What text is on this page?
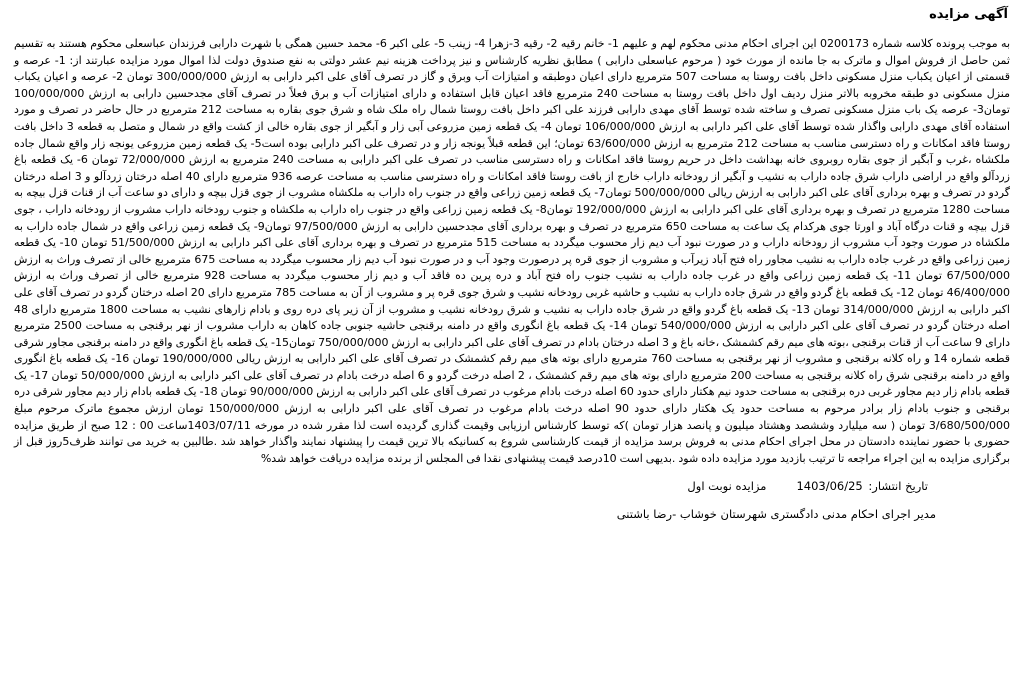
آگهی مزایده

به موجب پرونده کلاسه شماره 0200173 این اجرای احکام مدنی محکوم لهم و علیهم 1- خانم رقیه 2- رقیه 3-زهرا 4- زینب 5- علی اکبر 6- محمد حسین همگی با شهرت دارابی فرزندان عباسعلی محکوم هستند به تقسیم ثمن حاصل از فروش اموال و ماترک به جا مانده از مورث خود ( مرحوم عباسعلی دارابی ) مطابق نظریه کارشناس و نیز پرداخت هزینه نیم عشر دولتی به نفع صندوق دولت لذا اموال مورد مزایده عبارتند از: 1- عرصه و قسمتی از اعیان یکباب منزل مسکونی داخل بافت روستا به مساحت 507 مترمربع دارای اعیان دوطبقه و امتیازات آب وبرق و گاز در تصرف آقای علی اکبر دارابی به ارزش 300/000/000 تومان 2- عرصه و اعیان یکباب منزل مسکونی دو طبقه مخروبه بالاتر منزل ردیف اول داخل بافت روستا به مساحت 240 مترمربع فاقد اعیان قابل استفاده و دارای امتیازات آب و برق فعلاً در تصرف آقای مجدحسین دارابی به ارزش 100/000/000 تومان3- عرصه یک باب منزل مسکونی تصرف و ساخته شده توسط آقای مهدی دارابی فرزند علی اکبر داخل بافت روستا شمال راه ملک شاه و شرق جوی بقاره به مساحت 212 مترمربع در حال حاضر در تصرف و مورد استفاده آقای مهدی دارابی واگذار شده توسط آقای علی اکبر دارابی به ارزش 106/000/000 تومان 4- یک قطعه زمین مزروعی آبی زار و آبگیر از جوی بقاره خالی از کشت واقع در شمال و متصل به قطعه 3 داخل بافت روستا فاقد امکانات و راه دسترسی مناسب به مساحت 212 مترمربع به ارزش 63/600/000 تومان؛ این قطعه قبلاً یونجه زار و در تصرف علی اکبر دارابی بوده است5- یک قطعه زمین مزروعی یونجه زار واقع شمال جاده ملکشاه ،غرب و آبگیر از جوی بقاره روبروی خانه بهداشت داخل در حریم روستا فاقد امکانات و راه دسترسی مناسب در تصرف علی اکبر دارابی به مساحت 240 مترمربع به ارزش 72/000/000 تومان 6- یک قطعه باغ زردآلو واقع در اراضی داراب شرق جاده داراب به نشیب و آبگیر از رودخانه داراب خارج از بافت روستا فاقد امکانات و راه دسترسی مناسب به مساحت عرصه 936 مترمربع دارای 40 اصله درختان زردآلو و 3 اصله درختان گردو در تصرف و بهره برداری آقای علی اکبر دارابی به ارزش ریالی 500/000/000 تومان7- یک قطعه زمین زراعی واقع در جنوب راه داراب به ملکشاه مشروب از جوی قزل بیچه و دارای دو ساعت آب از قنات قزل بیچه به مساحت 1280 مترمربع در تصرف و بهره برداری آقای علی اکبر دارابی به ارزش 192/000/000 تومان8- یک قطعه زمین زراعی واقع در جنوب راه داراب به ملکشاه و جنوب رودخانه داراب مشروب از رودخانه داراب ، جوی قزل بیچه و قنات درگاه آباد و اورتا جوی هرکدام یک ساعت به مساحت 650 مترمربع در تصرف و بهره برداری آقای مجدحسین دارابی به ارزش 97/500/000 تومان9- یک قطعه زمین زراعی واقع در شمال جاده داراب به ملکشاه در صورت وجود آب مشروب از رودخانه داراب و در صورت نبود آب دیم زار محسوب میگردد به مساحت 515 مترمربع در تصرف و بهره برداری آقای علی اکبر دارابی به ارزش 51/500/000 تومان 10- یک قطعه زمین زراعی واقع در غرب جاده داراب به نشیب مجاور راه فتح آباد زیرآب و مشروب از جوی قره پر درصورت وجود آب و در صورت نبود آب دیم زار محسوب میگردد به مساحت 675 مترمربع خالی از تصرف وراث به ارزش 67/500/000 تومان 11- یک قطعه زمین زراعی واقع در غرب جاده داراب به نشیب جنوب راه فتح آباد و دره پرین ده فاقد آب و دیم زار محسوب میگردد به مساحت 928 مترمربع خالی از تصرف وراث به ارزش 46/400/000 تومان 12- یک قطعه باغ گردو واقع در شرق جاده داراب به نشیب و حاشیه غربی رودخانه نشیب و شرق جوی قره پر و مشروب از آن به مساحت 785 مترمربع دارای 20 اصله درختان گردو در تصرف آقای علی اکبر دارابی به ارزش 314/000/000 تومان 13- یک قطعه باغ گردو واقع در شرق جاده داراب به نشیب و شرق رودخانه نشیب و مشروب از آن زیر پای دره روی و بادام زارهای نشیب به مساحت 1800 مترمربع دارای 48 اصله درختان گردو در تصرف آقای علی اکبر دارابی به ارزش 540/000/000 تومان 14- یک قطعه باغ انگوری واقع در دامنه برقنجی حاشیه جنوبی جاده کاهان به داراب مشروب از نهر برقنجی به مساحت 2500 مترمربع دارای 9 ساعت آب از قنات برقنجی ،بوته های میم رقم کشمشک ،خانه باغ و 3 اصله درختان بادام در تصرف آقای علی اکبر دارابی به ارزش 750/000/000 تومان15- یک قطعه باغ انگوری واقع در دامنه برقنجی مجاور شرقی قطعه شماره 14 و راه کلانه برقنجی و مشروب از نهر برقنجی به مساحت 760 مترمربع دارای بوته های میم رقم کشمشک در تصرف آقای علی اکبر دارابی به ارزش ریالی 190/000/000 تومان 16- یک قطعه باغ انگوری واقع در دامنه برقنجی شرق راه کلانه برقنجی به مساحت 200 مترمربع دارای بوته های میم رقم کشمشک ، 2 اصله درخت گردو و 6 اصله درخت بادام در تصرف آقای علی اکبر دارابی به ارزش 50/000/000 تومان 17- یک قطعه بادام زار دیم مجاور غربی دره برقنجی به مساحت حدود نیم هکتار دارای حدود 60 اصله درخت بادام مرغوب در تصرف آقای علی اکبر دارابی به ارزش 90/000/000 تومان 18- یک قطعه بادام زار دیم مجاور شرقی دره برقنجی و جنوب بادام زار برادر مرحوم به مساحت حدود یک هکتار دارای حدود 90 اصله درخت بادام مرغوب در تصرف آقای علی اکبر دارابی به ارزش 150/000/000 تومان ارزش مجموع ماترک مرحوم مبلغ 3/680/500/000 تومان ( سه میلیارد وششصد وهشتاد میلیون و پانصد هزار تومان )که توسط کارشناس ارزیابی وقیمت گذاری گردیده است لذا مقرر شده در مورخه 1403/07/11ساعت 00 : 12 صبح از طریق مزایده حضوری با حضور نماینده دادستان در محل اجرای احکام مدنی به فروش برسد مزایده از قیمت کارشناسی شروع به کسانیکه بالا ترین قیمت را پیشنهاد نمایند واگذار خواهد شد .طالبین به خرید می توانند ظرف5روز قبل از برگزاری مزایده به این اجراء مراجعه تا ترتیب بازدید مورد مزایده داده شود .بدیهی است 10درصد قیمت پیشنهادی نقدا فی المجلس از برنده مزایده دریافت خواهد شد%

تاریخ انتشار: 1403/06/25
مزایده نوبت اول
مدیر اجرای احکام مدنی دادگستری شهرستان خوشاب -رضا باشتنی
